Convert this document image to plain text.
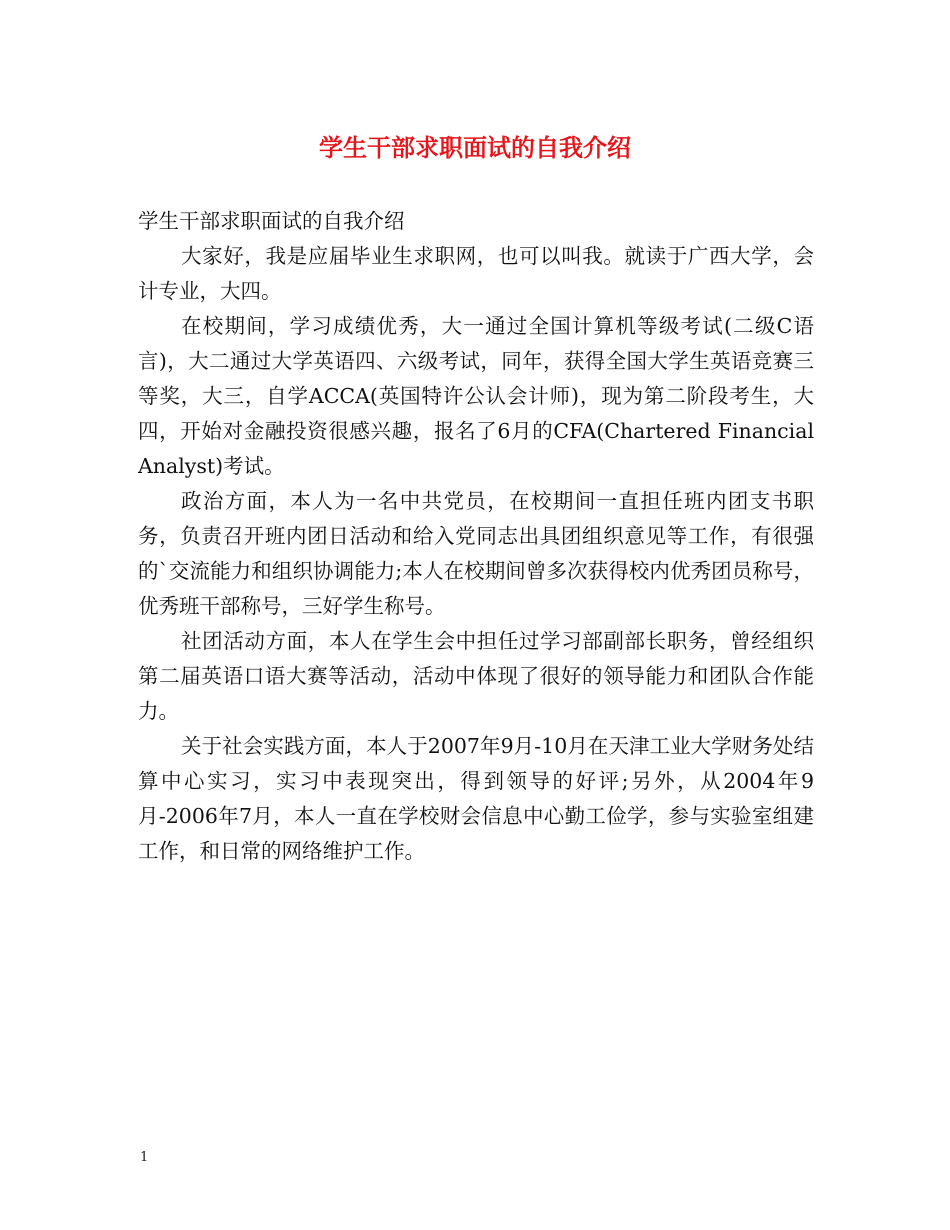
学生干部求职面试的自我介绍

学生干部求职面试的自我介绍

大家好，我是应届毕业生求职网，也可以叫我。就读于广西大学，会计专业，大四。

在校期间，学习成绩优秀，大一通过全国计算机等级考试(二级C语言)，大二通过大学英语四、六级考试，同年，获得全国大学生英语竞赛三等奖，大三，自学ACCA(英国特许公认会计师)，现为第二阶段考生，大四，开始对金融投资很感兴趣，报名了6月的CFA(Chartered Financial Analyst)考试。

政治方面，本人为一名中共党员，在校期间一直担任班内团支书职务，负责召开班内团日活动和给入党同志出具团组织意见等工作，有很强的`交流能力和组织协调能力;本人在校期间曾多次获得校内优秀团员称号，优秀班干部称号，三好学生称号。

社团活动方面，本人在学生会中担任过学习部副部长职务，曾经组织第二届英语口语大赛等活动，活动中体现了很好的领导能力和团队合作能力。

关于社会实践方面，本人于2007年9月-10月在天津工业大学财务处结算中心实习，实习中表现突出，得到领导的好评;另外，从2004年9月-2006年7月，本人一直在学校财会信息中心勤工俭学，参与实验室组建工作，和日常的网络维护工作。

1
